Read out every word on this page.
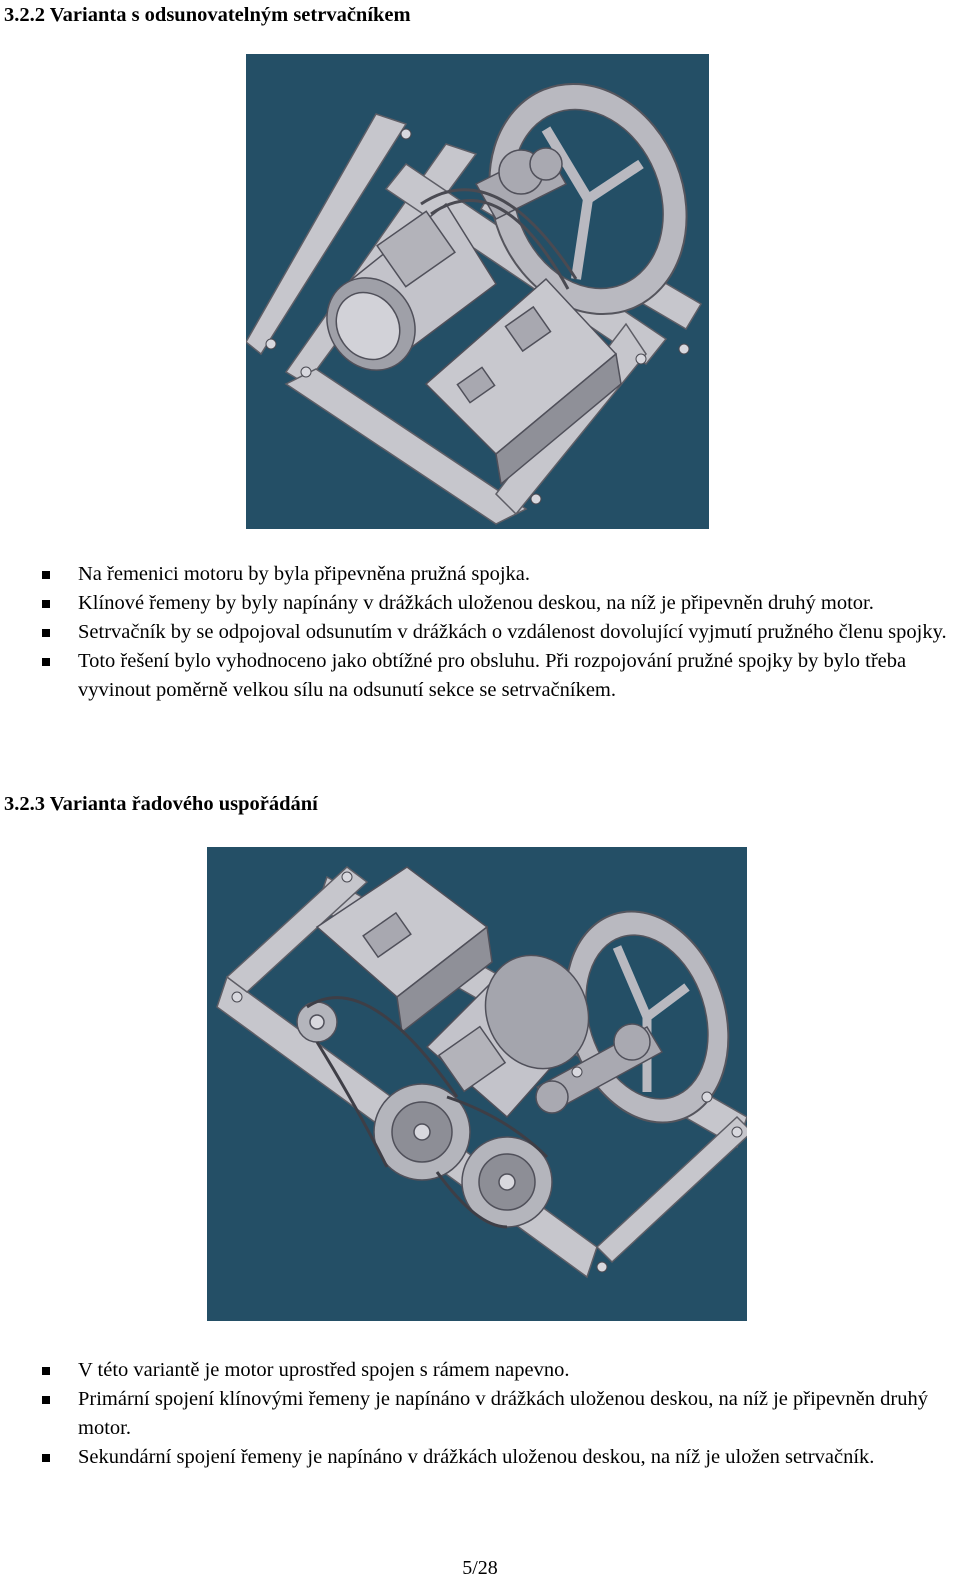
3.2.2 Varianta s odsunovatelným setrvačníkem
Na řemenici motoru by byla připevněna pružná spojka.
Klínové řemeny by byly napínány v drážkách uloženou deskou, na níž je připevněn druhý motor.
Setrvačník by se odpojoval odsunutím v drážkách o vzdálenost dovolující vyjmutí pružného členu spojky.
Toto řešení bylo vyhodnoceno jako obtížné pro obsluhu. Při rozpojování pružné spojky by bylo třeba vyvinout poměrně velkou sílu na odsunutí sekce se setrvačníkem.
3.2.3 Varianta řadového uspořádání
V této variantě je motor uprostřed spojen s rámem napevno.
Primární spojení klínovými řemeny je napínáno v drážkách uloženou deskou, na níž je připevněn druhý motor.
Sekundární spojení řemeny je napínáno v drážkách uloženou deskou, na níž je uložen setrvačník.
5/28
